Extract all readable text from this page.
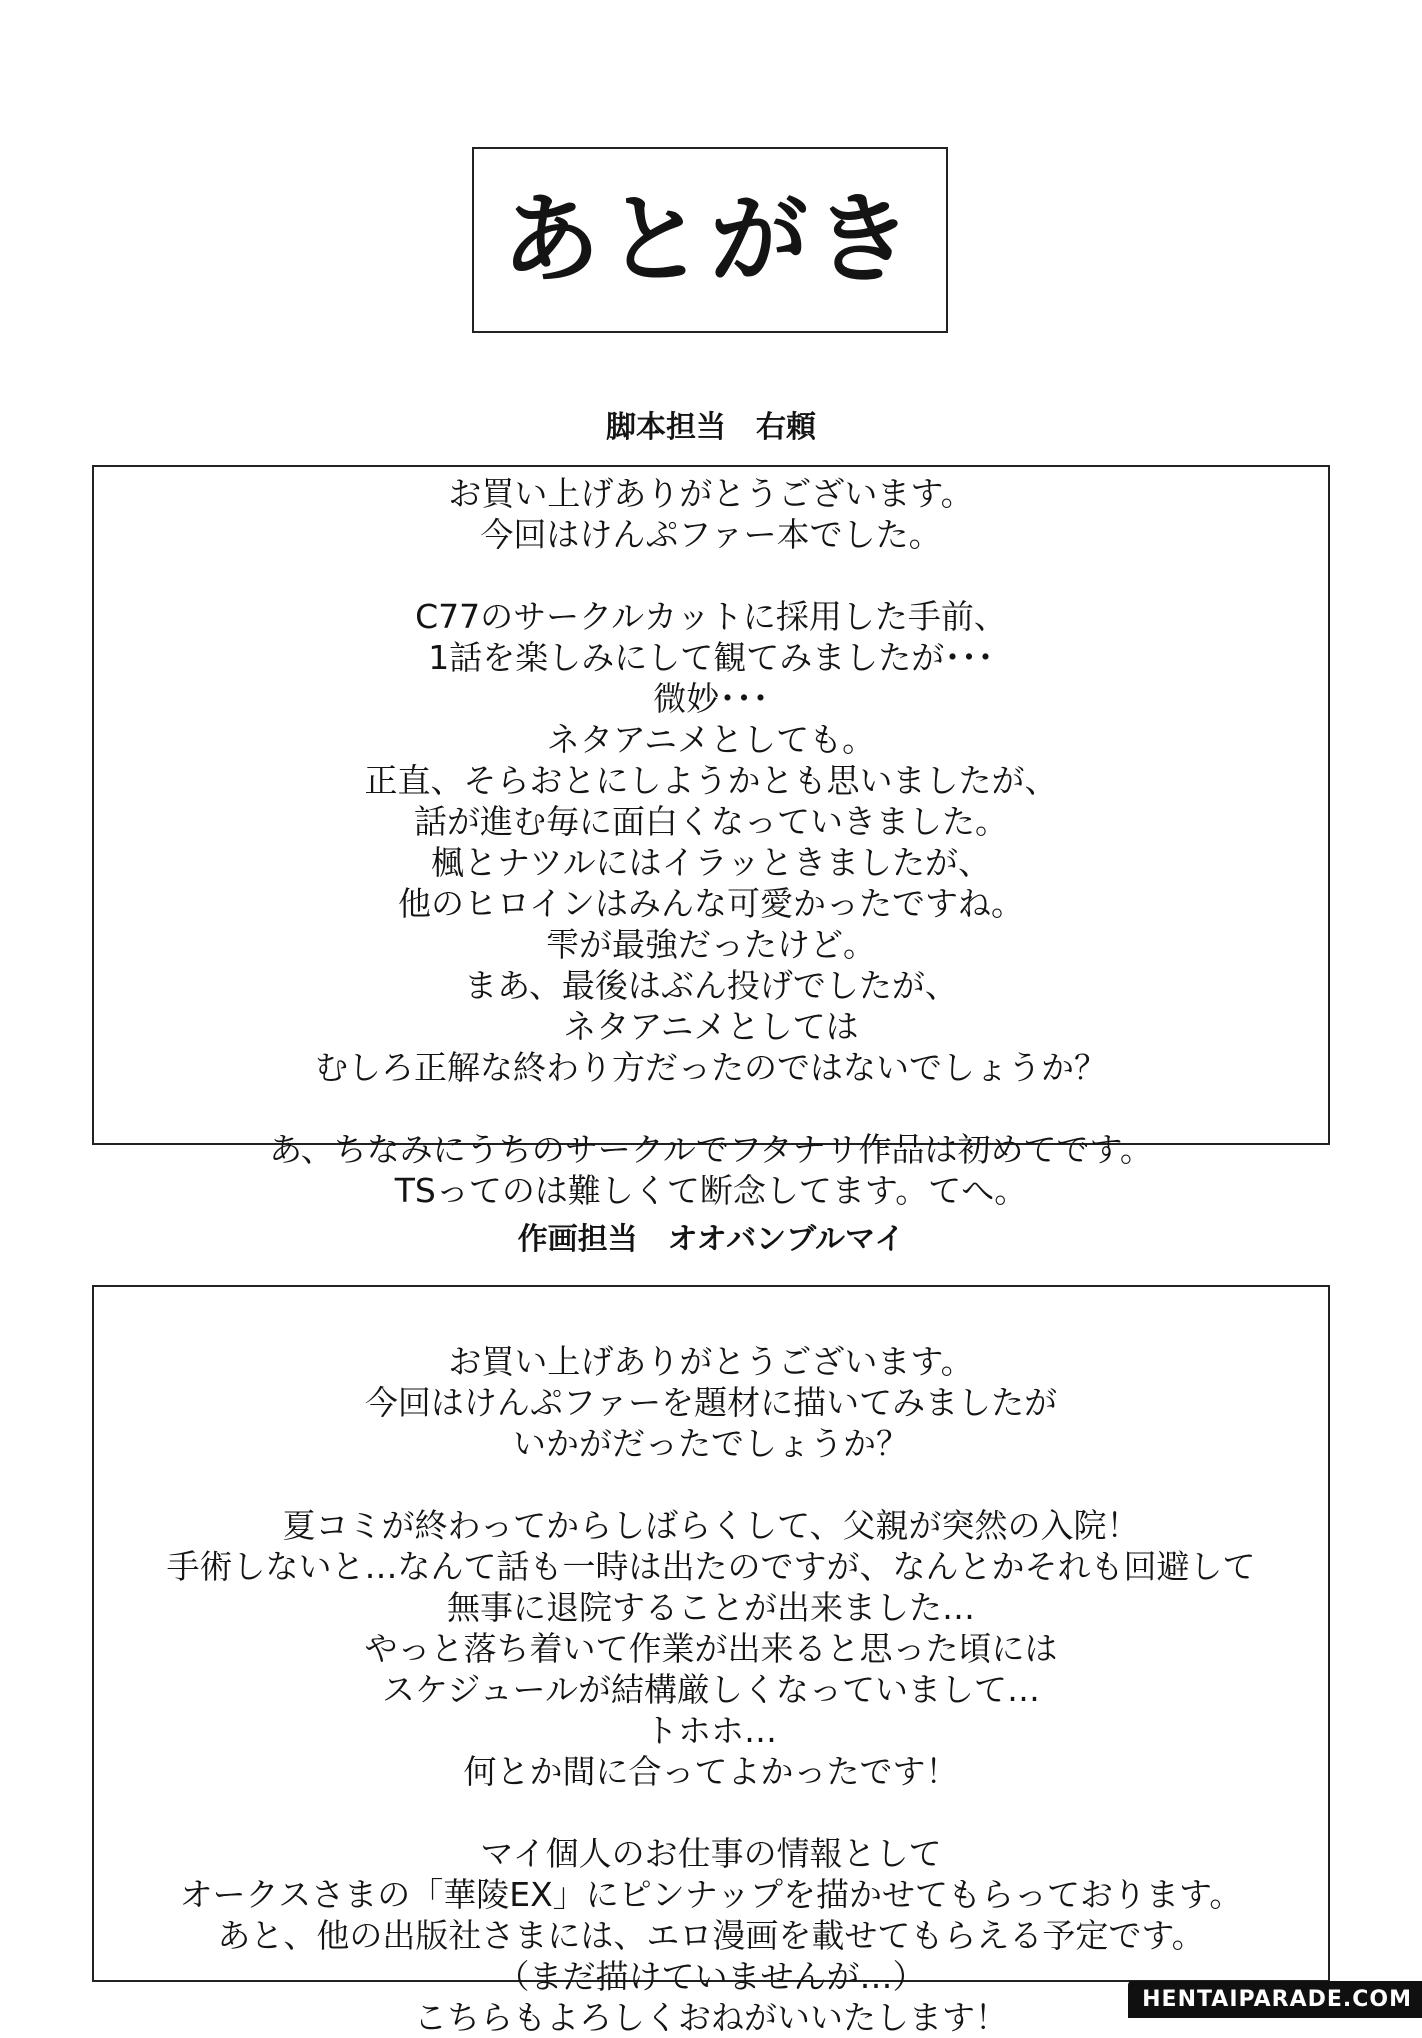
あとがき
脚本担当　右頼
お買い上げありがとうございます。
今回はけんぷファー本でした。
C77のサークルカットに採用した手前、
1話を楽しみにして観てみましたが･･･
微妙･･･
ネタアニメとしても。
正直、そらおとにしようかとも思いましたが、
話が進む毎に面白くなっていきました。
楓とナツルにはイラッときましたが、
他のヒロインはみんな可愛かったですね。
雫が最強だったけど。
まあ、最後はぶん投げでしたが、
ネタアニメとしては
むしろ正解な終わり方だったのではないでしょうか？
あ、ちなみにうちのサークルでフタナリ作品は初めてです。
TSってのは難しくて断念してます。てへ。
作画担当　オオバンブルマイ
お買い上げありがとうございます。
今回はけんぷファーを題材に描いてみましたが
いかがだったでしょうか？
夏コミが終わってからしばらくして、父親が突然の入院！
手術しないと…なんて話も一時は出たのですが、なんとかそれも回避して
無事に退院することが出来ました…
やっと落ち着いて作業が出来ると思った頃には
スケジュールが結構厳しくなっていまして…
トホホ…
何とか間に合ってよかったです！
マイ個人のお仕事の情報として
オークスさまの「華陵EX」にピンナップを描かせてもらっております。
あと、他の出版社さまには、エロ漫画を載せてもらえる予定です。
（まだ描けていませんが…）
こちらもよろしくおねがいいたします！	HENTAIPARADE.COM
